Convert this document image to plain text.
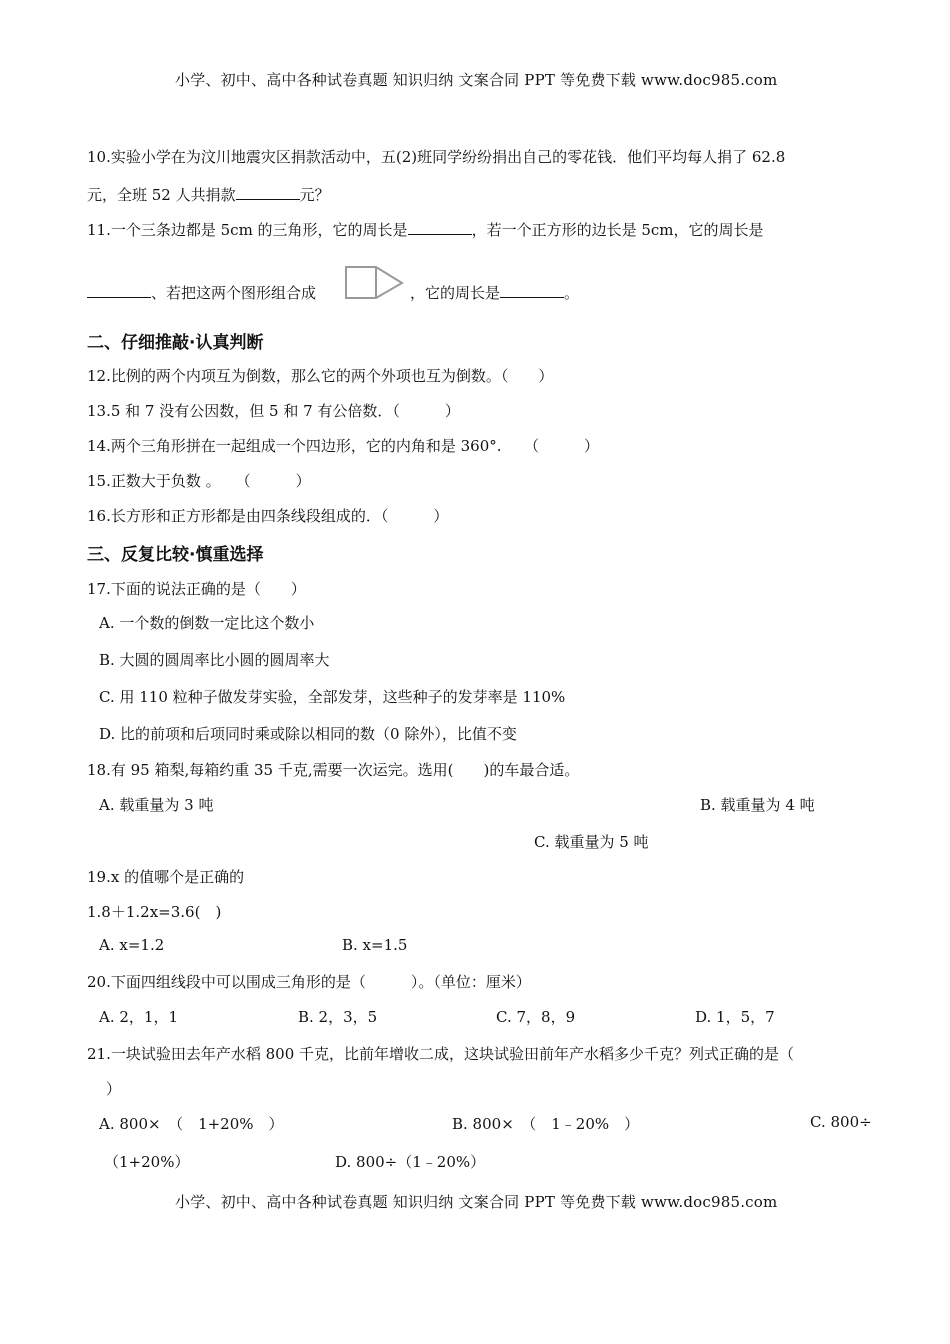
小学、初中、高中各种试卷真题 知识归纳 文案合同 PPT 等免费下载 www.doc985.com
10.实验小学在为汶川地震灾区捐款活动中，五(2)班同学纷纷捐出自己的零花钱．他们平均每人捐了 62.8
元，全班 52 人共捐款	元？
11.一个三条边都是 5cm 的三角形，它的周长是	，若一个正方形的边长是 5cm，它的周长是
、若把这两个图形组合成	，它的周长是	。
二、仔细推敲·认真判断
12.比例的两个内项互为倒数，那么它的两个外项也互为倒数。（　　）
13.5 和 7 没有公因数，但 5 和 7 有公倍数．（　　　）
14.两个三角形拼在一起组成一个四边形，它的内角和是 360°.　　（　　　）
15.正数大于负数 。　　（　　　）
16.长方形和正方形都是由四条线段组成的．（　　　）
三、反复比较·慎重选择
17.下面的说法正确的是（　　）
A. 一个数的倒数一定比这个数小
B. 大圆的圆周率比小圆的圆周率大
C. 用 110 粒种子做发芽实验，全部发芽，这些种子的发芽率是 110%
D. 比的前项和后项同时乘或除以相同的数（0 除外），比值不变
18.有 95 箱梨,每箱约重 35 千克,需要一次运完。选用(　　)的车最合适。
A. 载重量为 3 吨	B. 载重量为 4 吨
C. 载重量为 5 吨
19.x 的值哪个是正确的
1.8＋1.2x=3.6(　)
A. x=1.2	B. x=1.5
20.下面四组线段中可以围成三角形的是（　　　）。（单位：厘米）
A. 2，1，1	B. 2，3，5	C. 7，8，9	D. 1，5，7
21.一块试验田去年产水稻 800 千克，比前年增收二成，这块试验田前年产水稻多少千克？列式正确的是（
）
A. 800×　（　1+20%　）	B. 800×　（　1﹣20%　）	C. 800÷
（1+20%）	D. 800÷（1﹣20%）
小学、初中、高中各种试卷真题 知识归纳 文案合同 PPT 等免费下载 www.doc985.com
